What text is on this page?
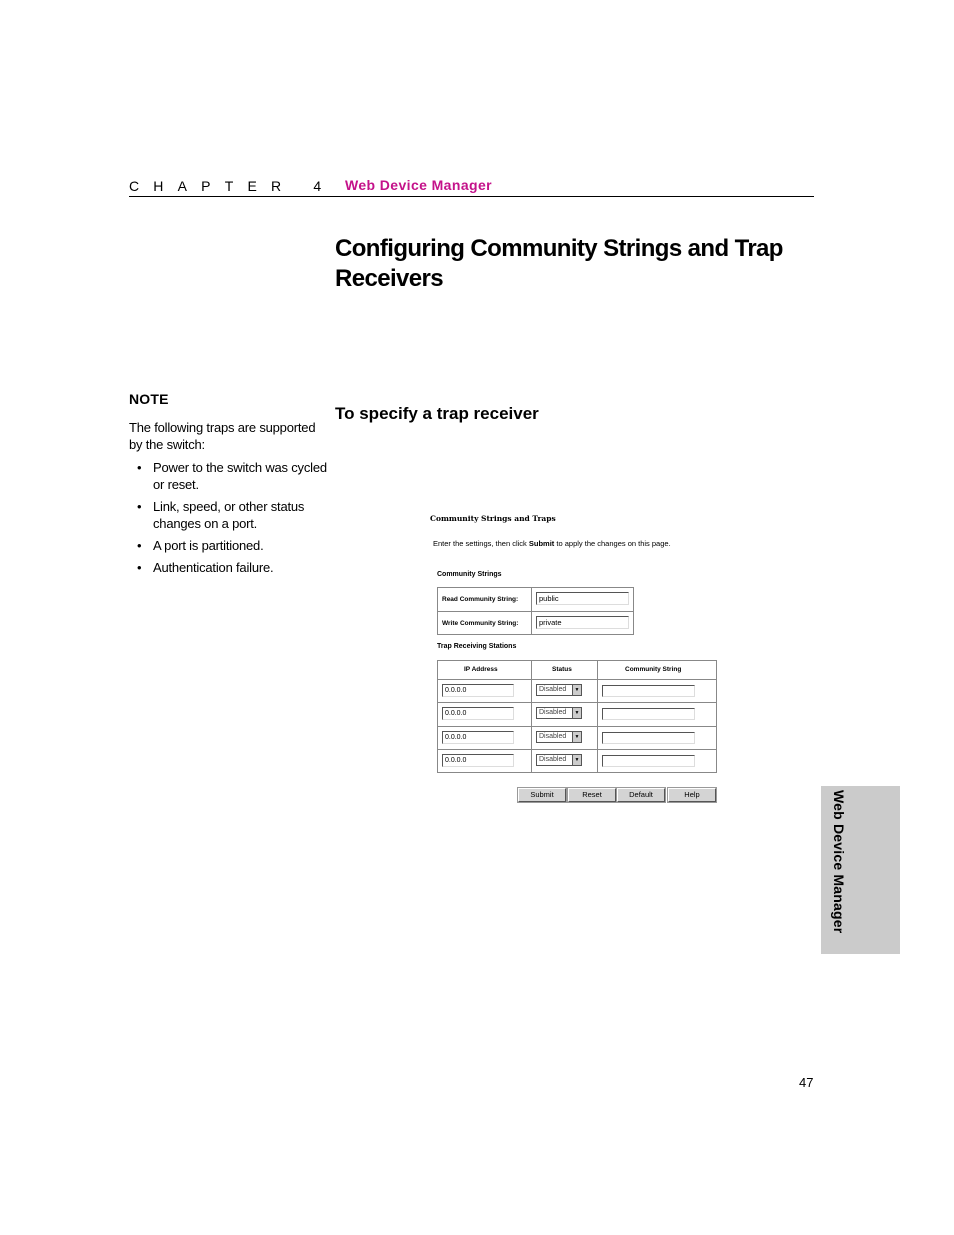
CHAPTER 4 Web Device Manager
Configuring Community Strings and Trap Receivers
NOTE
The following traps are supported by the switch:
• Power to the switch was cycled or reset.
• Link, speed, or other status changes on a port.
• A port is partitioned.
• Authentication failure.
To specify a trap receiver
Community Strings and Traps
Enter the settings, then click Submit to apply the changes on this page.
Community Strings
Read Community String:	public
Write Community String:	private
Trap Receiving Stations
IP Address	Status	Community String
0.0.0.0	Disabled	▼
0.0.0.0	Disabled	▼
0.0.0.0	Disabled	▼
0.0.0.0	Disabled	▼
Submit	Reset	Default	Help	Web Device Manager
47
